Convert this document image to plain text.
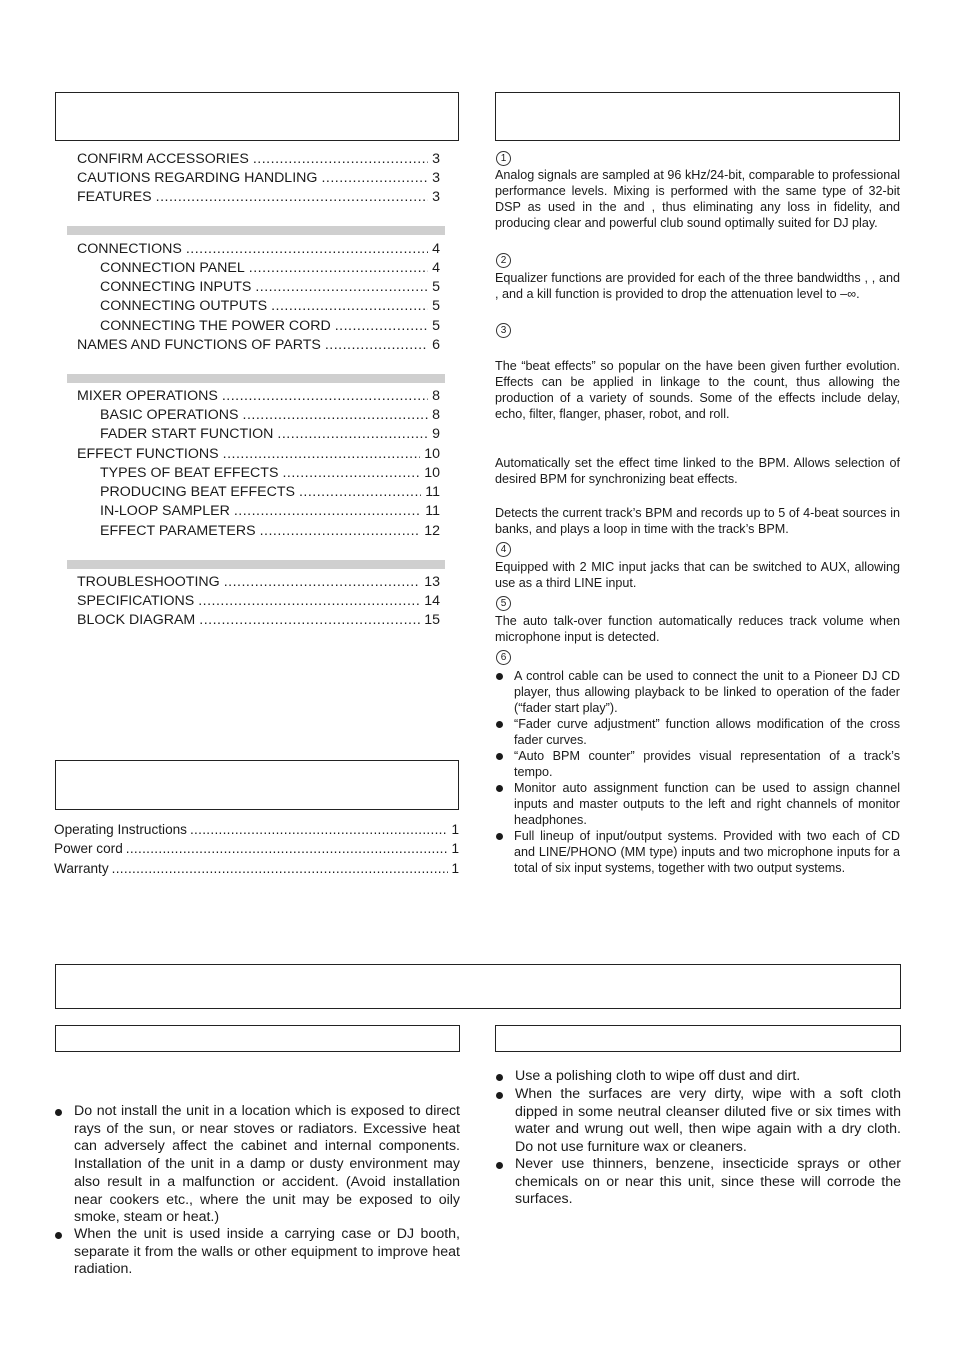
CONFIRM ACCESSORIES .....	3
CAUTIONS REGARDING HANDLING .....	3
FEATURES .....	3
CONNECTIONS .....	4
CONNECTION PANEL .....	4
CONNECTING INPUTS .....	5
CONNECTING OUTPUTS .....	5
CONNECTING THE POWER CORD .....	5
NAMES AND FUNCTIONS OF PARTS .....	6
MIXER OPERATIONS .....	8
BASIC OPERATIONS .....	8
FADER START FUNCTION .....	9
EFFECT FUNCTIONS .....	10
TYPES OF BEAT EFFECTS .....	10
PRODUCING BEAT EFFECTS .....	11
IN-LOOP SAMPLER .....	11
EFFECT PARAMETERS .....	12
TROUBLESHOOTING .....	13
SPECIFICATIONS .....	14
BLOCK DIAGRAM .....	15
Operating Instructions .....	1
Power cord .....	1
Warranty .....	1
1
Analog signals are sampled at 96 kHz/24-bit, comparable to professional performance levels. Mixing is performed with the same type of 32-bit DSP as used in the and , thus eliminating any loss in fidelity, and producing clear and powerful club sound optimally suited for DJ play.
2
Equalizer functions are provided for each of the three bandwidths , , and , and a kill function is provided to drop the attenuation level to –∞.
3
The “beat effects” so popular on the have been given further evolution. Effects can be applied in linkage to the count, thus allowing the production of a variety of sounds. Some of the effects include delay, echo, filter, flanger, phaser, robot, and roll.
Automatically set the effect time linked to the BPM. Allows selection of desired BPM for synchronizing beat effects.
Detects the current track’s BPM and records up to 5 of 4-beat sources in banks, and plays a loop in time with the track’s BPM.
4
Equipped with 2 MIC input jacks that can be switched to AUX, allowing use as a third LINE input.
5
The auto talk-over function automatically reduces track volume when microphone input is detected.
6
A control cable can be used to connect the unit to a Pioneer DJ CD player, thus allowing playback to be linked to operation of the fader (“fader start play”).
“Fader curve adjustment” function allows modification of the cross fader curves.
“Auto BPM counter” provides visual representation of a track’s tempo.
Monitor auto assignment function can be used to assign channel inputs and master outputs to the left and right channels of monitor headphones.
Full lineup of input/output systems. Provided with two each of CD and LINE/PHONO (MM type) inputs and two microphone inputs for a total of six input systems, together with two output systems.
Do not install the unit in a location which is exposed to direct rays of the sun, or near stoves or radiators. Excessive heat can adversely affect the cabinet and internal components. Installation of the unit in a damp or dusty environment may also result in a malfunction or accident. (Avoid installation near cookers etc., where the unit may be exposed to oily smoke, steam or heat.)
When the unit is used inside a carrying case or DJ booth, separate it from the walls or other equipment to improve heat radiation.
Use a polishing cloth to wipe off dust and dirt.
When the surfaces are very dirty, wipe with a soft cloth dipped in some neutral cleanser diluted five or six times with water and wrung out well, then wipe again with a dry cloth. Do not use furniture wax or cleaners.
Never use thinners, benzene, insecticide sprays or other chemicals on or near this unit, since these will corrode the surfaces.
